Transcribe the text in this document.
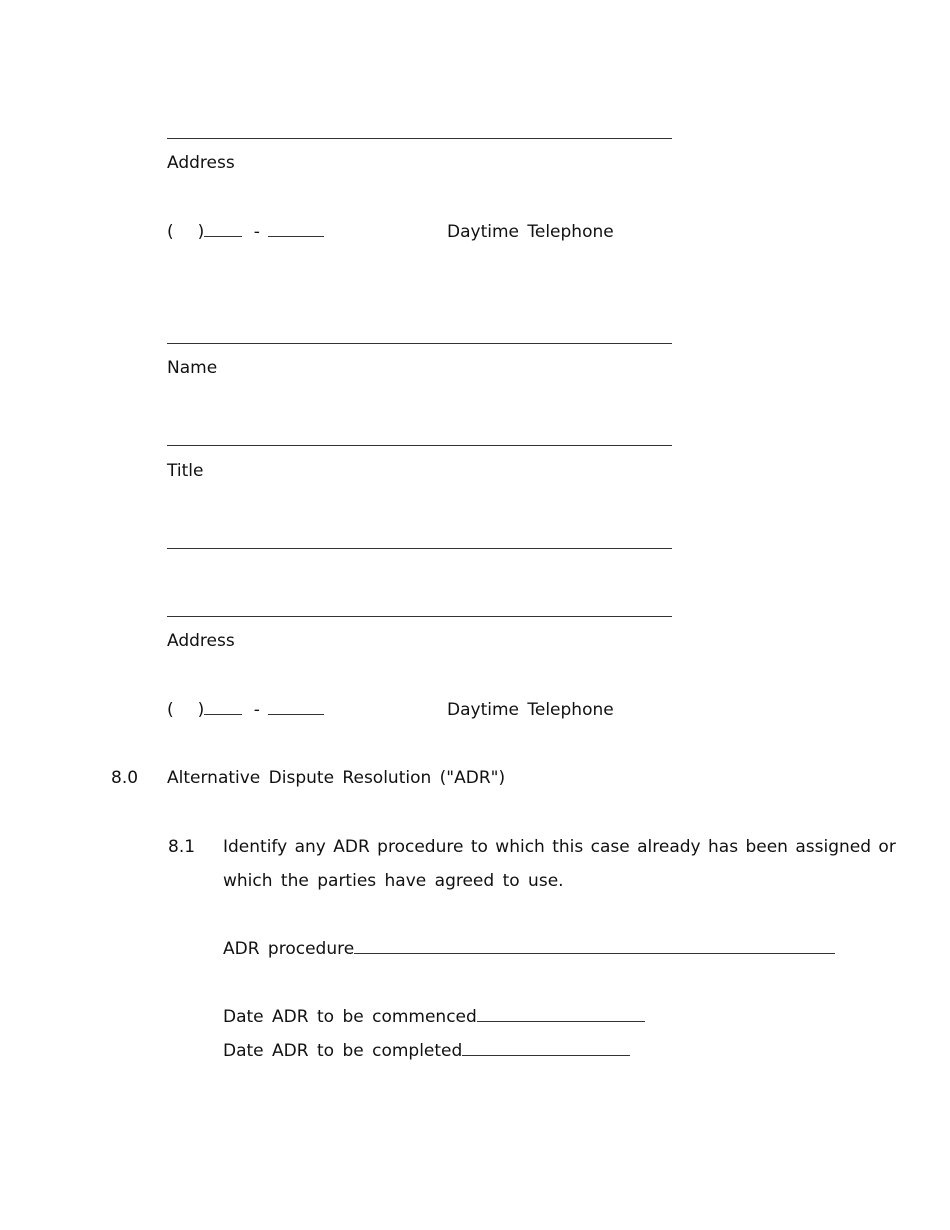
Address
( )	-	Daytime Telephone
Name
Title
Address
( )	-	Daytime Telephone
8.0 Alternative Dispute Resolution ("ADR")
8.1 Identify any ADR procedure to which this case already has been assigned or
which the parties have agreed to use.
ADR procedure
Date ADR to be commenced
Date ADR to be completed
